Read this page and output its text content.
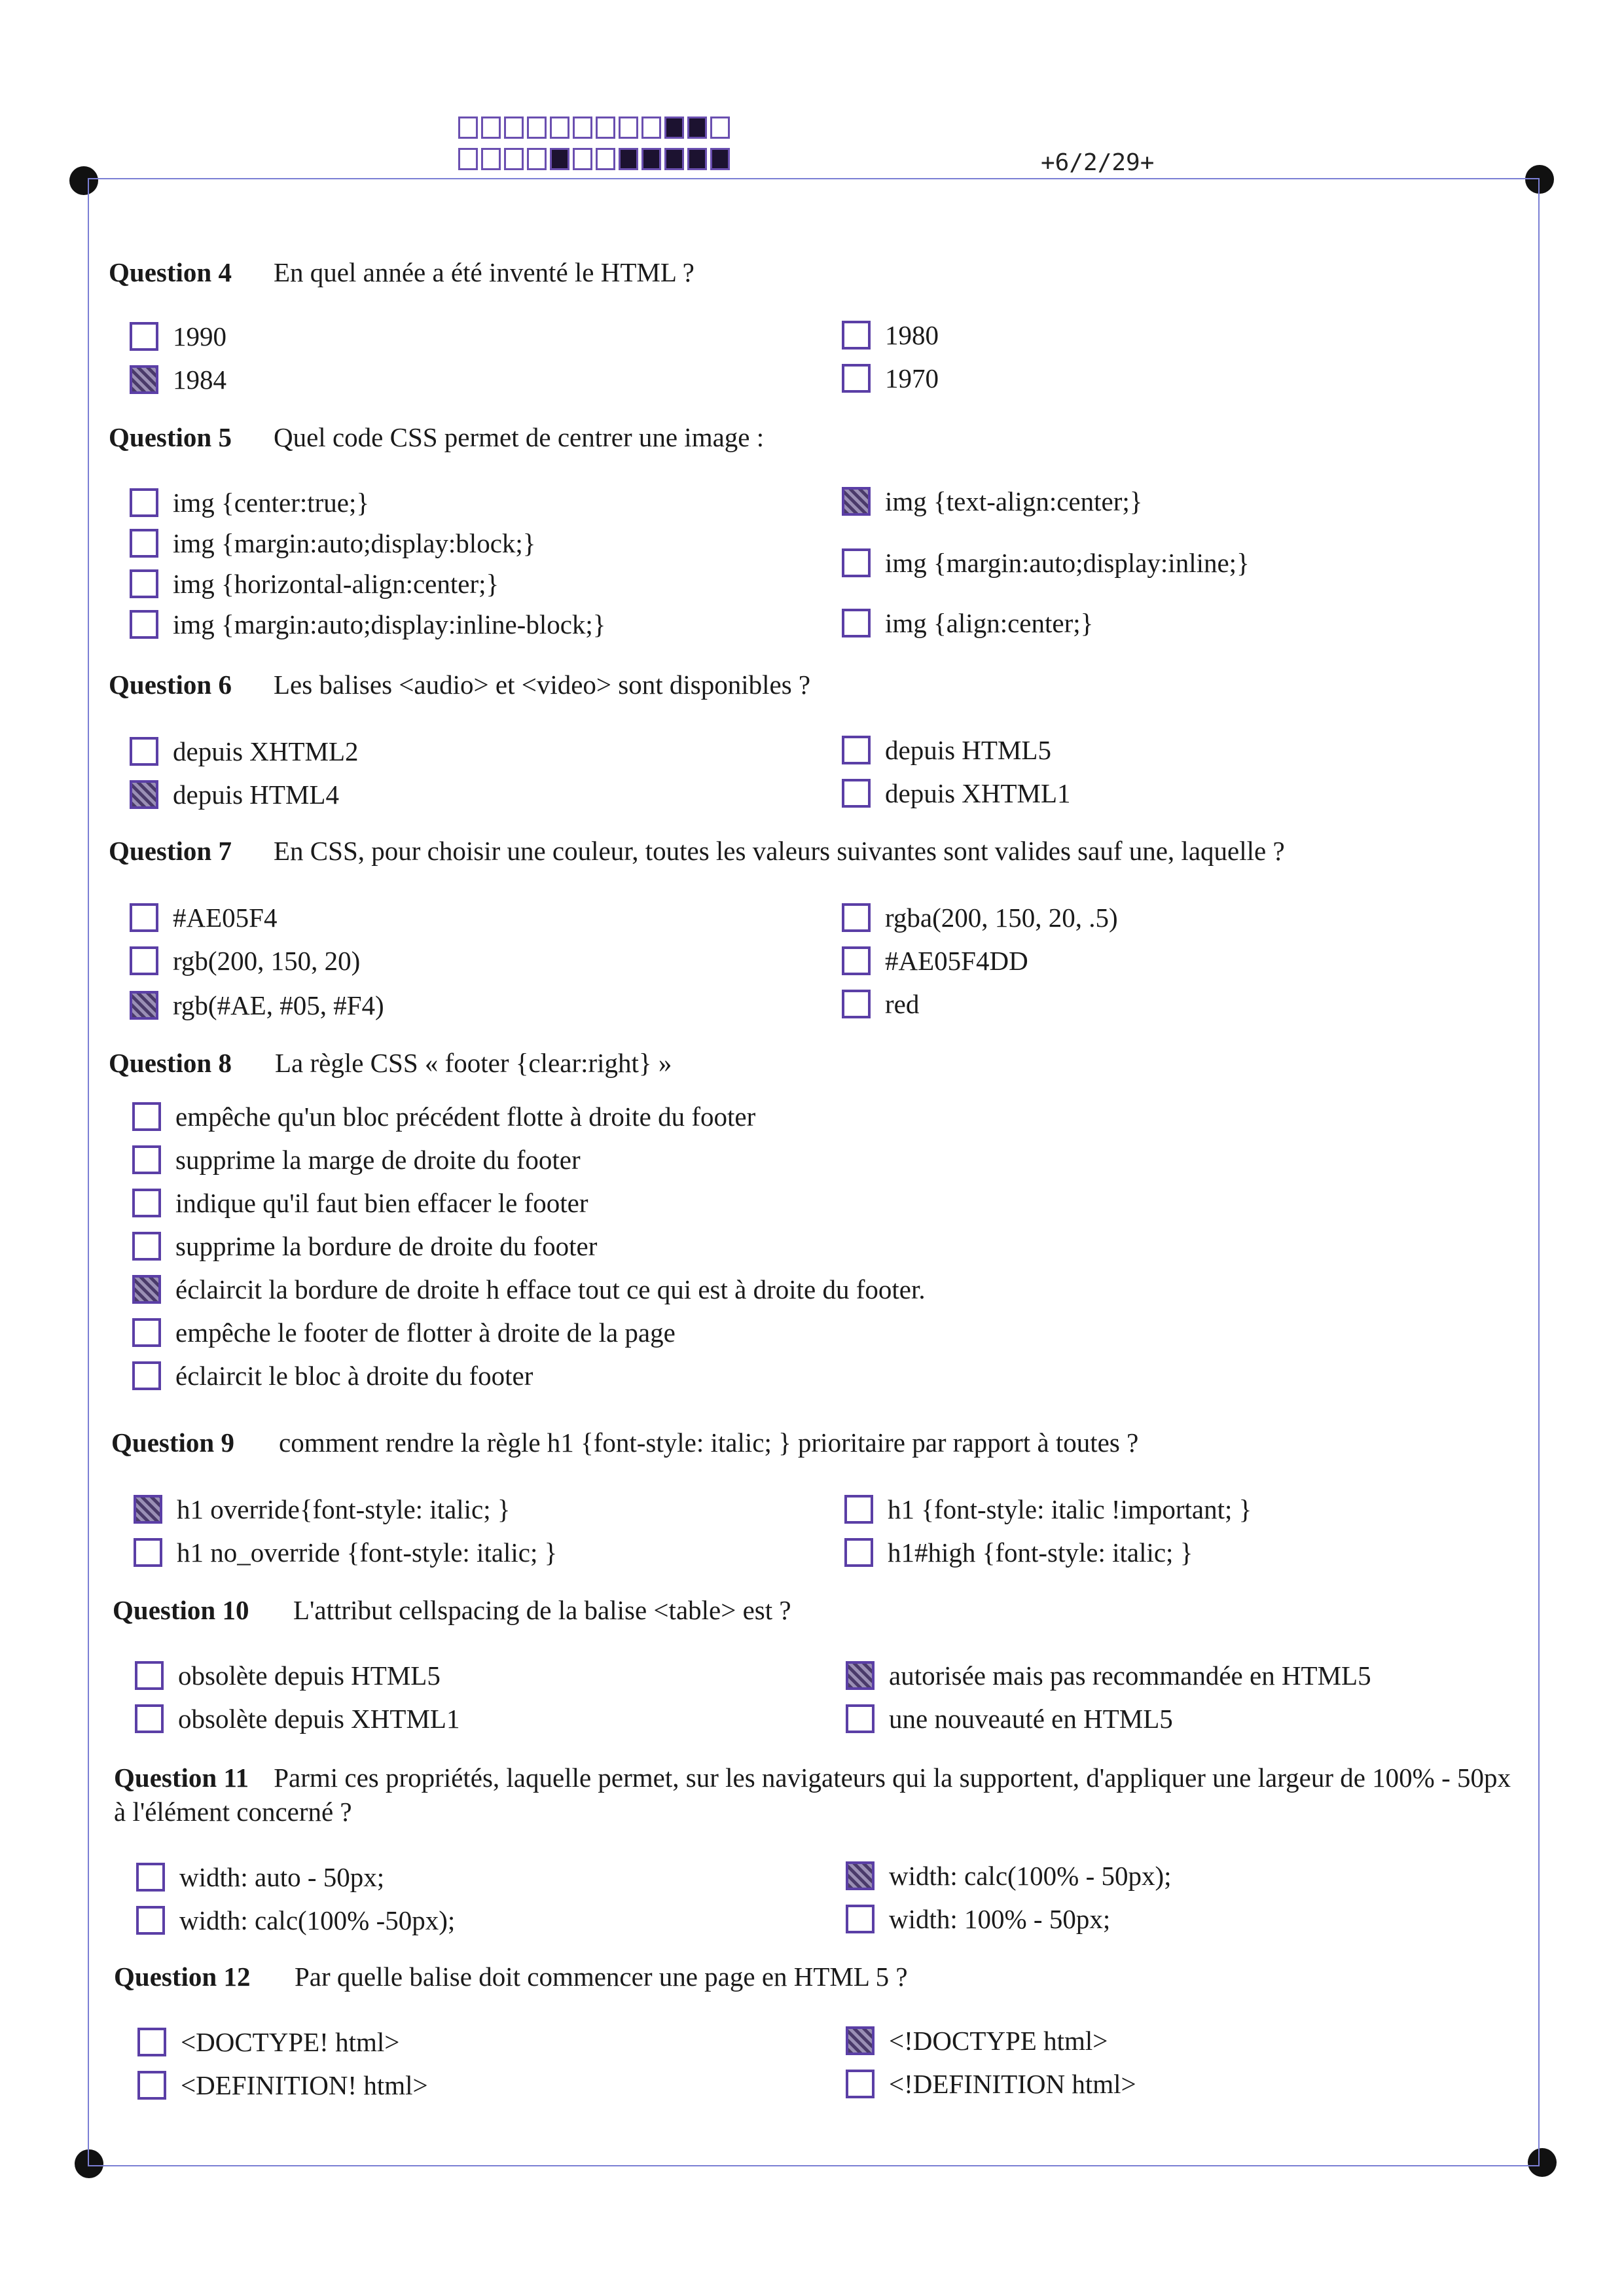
+6/2/29+
Question 4 En quel année a été inventé le HTML ?
1990
1984
1980
1970
Question 5 Quel code CSS permet de centrer une image :
img {center:true;}
img {margin:auto;display:block;}
img {horizontal-align:center;}
img {margin:auto;display:inline-block;}
img {text-align:center;}
img {margin:auto;display:inline;}
img {align:center;}
Question 6 Les balises <audio> et <video> sont disponibles ?
depuis XHTML2
depuis HTML4
depuis HTML5
depuis XHTML1
Question 7 En CSS, pour choisir une couleur, toutes les valeurs suivantes sont valides sauf une, laquelle ?
#AE05F4
rgb(200, 150, 20)
rgb(#AE, #05, #F4)
rgba(200, 150, 20, .5)
#AE05F4DD
red
Question 8 La règle CSS « footer {clear:right} »
empêche qu'un bloc précédent flotte à droite du footer
supprime la marge de droite du footer
indique qu'il faut bien effacer le footer
supprime la bordure de droite du footer
éclaircit la bordure de droite h efface tout ce qui est à droite du footer.
empêche le footer de flotter à droite de la page
éclaircit le bloc à droite du footer
Question 9 comment rendre la règle h1 {font-style: italic; } prioritaire par rapport à toutes ?
h1 override{font-style: italic; }
h1 no_override {font-style: italic; }
h1 {font-style: italic !important; }
h1#high {font-style: italic; }
Question 10 L'attribut cellspacing de la balise <table> est ?
obsolète depuis HTML5
obsolète depuis XHTML1
autorisée mais pas recommandée en HTML5
une nouveauté en HTML5
Question 11 Parmi ces propriétés, laquelle permet, sur les navigateurs qui la supportent, d'appliquer une largeur de 100% - 50px à l'élément concerné ?
width: auto - 50px;
width: calc(100% -50px);
width: calc(100% - 50px);
width: 100% - 50px;
Question 12 Par quelle balise doit commencer une page en HTML 5 ?
<DOCTYPE! html>
<DEFINITION! html>
<!DOCTYPE html>
<!DEFINITION html>
